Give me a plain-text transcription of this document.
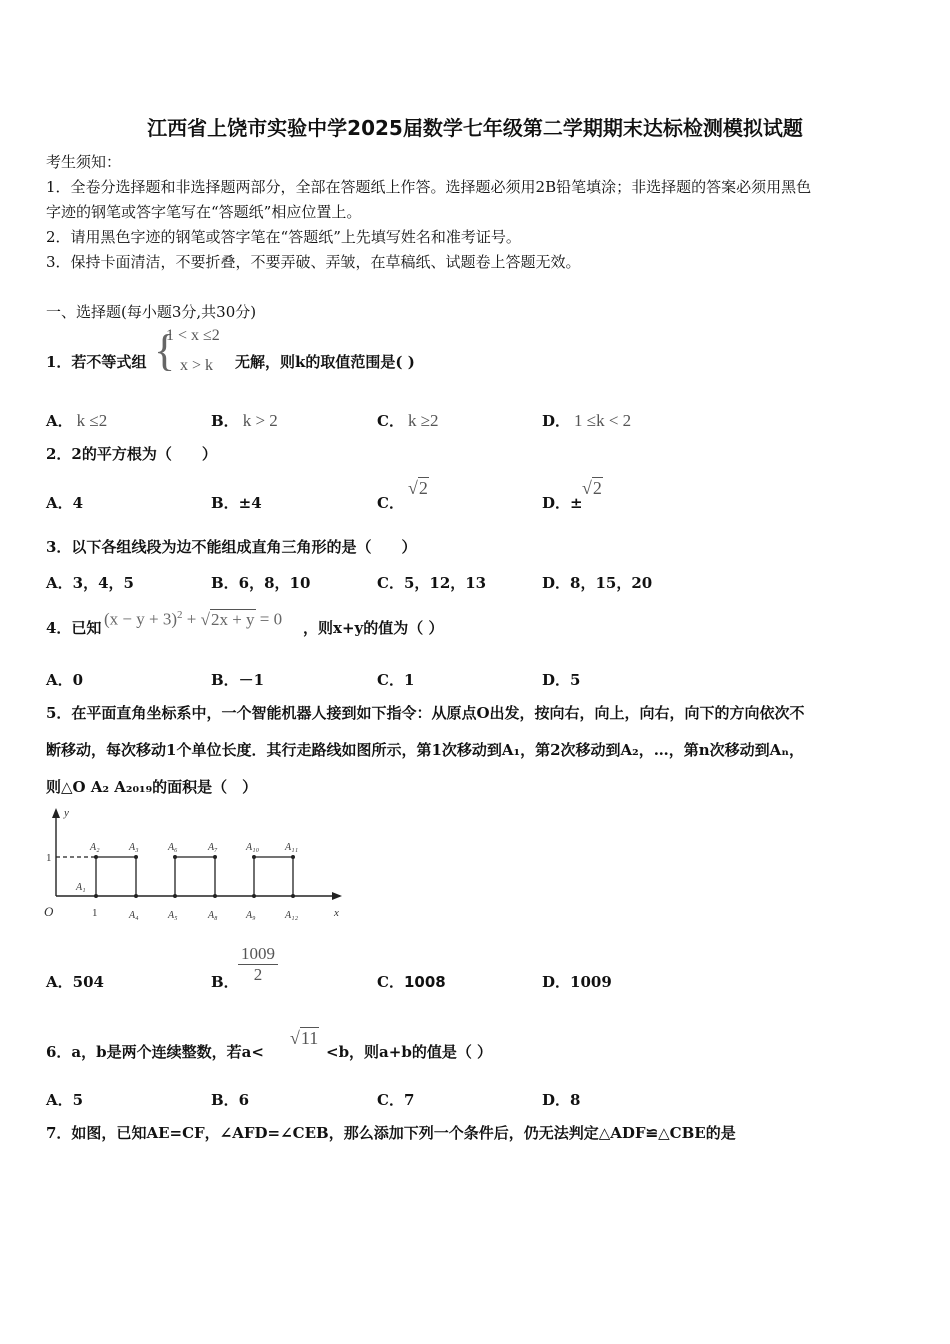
江西省上饶市实验中学2025届数学七年级第二学期期末达标检测模拟试题
考生须知：
1．全卷分选择题和非选择题两部分，全部在答题纸上作答。选择题必须用2B铅笔填涂；非选择题的答案必须用黑色
字迹的钢笔或答字笔写在“答题纸”相应位置上。
2．请用黑色字迹的钢笔或答字笔在“答题纸”上先填写姓名和准考证号。
3．保持卡面清洁，不要折叠，不要弄破、弄皱，在草稿纸、试题卷上答题无效。
一、选择题(每小题3分,共30分)
1．若不等式组 {
1 < x ≤2
x > k 无解，则k的取值范围是( )
A． k ≤2	B． k > 2	C． k ≥2	D． 1 ≤k < 2
2．2的平方根为（　　）
A．4	B．±4	C．
√2
D．±
√2
3．以下各组线段为边不能组成直角三角形的是（　　）
A．3，4，5	B．6，8，10	C．5，12，13	D．8，15，20
4．已知 $(x - y + 3)^2 + √2x + y = 0$ ，则x+y的值为（ ）
A．0	B．－1	C．1	D．5
5．在平面直角坐标系中，一个智能机器人接到如下指令：从原点O出发，按向右，向上，向右，向下的方向依次不
断移动，每次移动1个单位长度．其行走路线如图所示，第1次移动到A₁，第2次移动到A₂，…，第n次移动到Aₙ，
则△O A₂ A₂₀₁₉的面积是（　）
y
x
O	1
1
A₁
A₂	A₃	A₆	A₇	A₁₀	A₁₁
A₄	A₅	A₈	A₉	A₁₂
A．504	B． $\frac{1009}{2}$	C．1008	D．1009
6．a，b是两个连续整数，若a<
√11
<b，则a+b的值是（ ）
A．5	B．6	C．7	D．8
7．如图，已知AE=CF，∠AFD=∠CEB，那么添加下列一个条件后，仍无法判定△ADF≌△CBE的是
